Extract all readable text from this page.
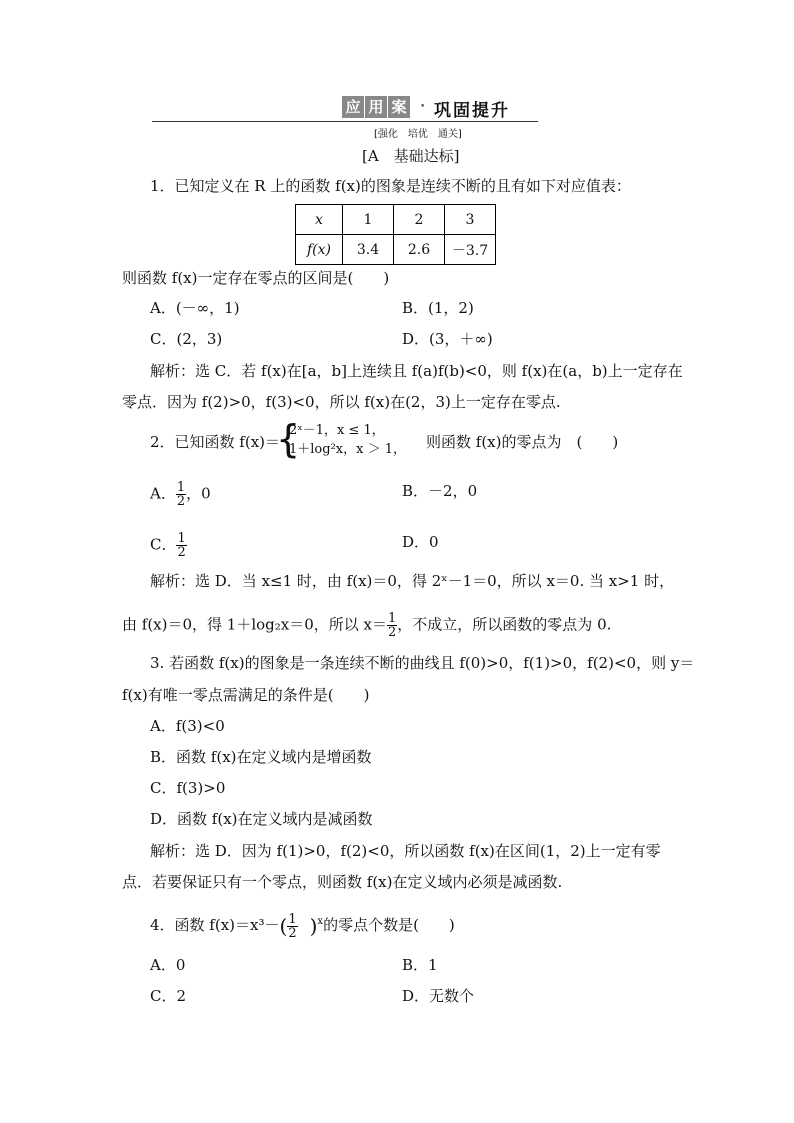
应 用 案	• 巩固提升
[强化　培优　通关]
[A　基础达标]
1．已知定义在 R 上的函数 f(x)的图象是连续不断的且有如下对应值表：
x	1	2	3
f(x)	3.4	2.6	－3.7
则函数 f(x)一定存在零点的区间是(　　)
A．(－∞，1)	B．(1，2)
C．(2，3)	D．(3，＋∞)
解析：选 C．若 f(x)在[a，b]上连续且 f(a)f(b)<0，则 f(x)在(a，b)上一定存在
零点．因为 f(2)>0，f(3)<0，所以 f(x)在(2，3)上一定存在零点.
2．已知函数 f(x)＝
{
2ˣ－1，x ≤ 1，
1＋log²x，x ＞ 1， 则函数 f(x)的零点为　(　　)
A． $\frac{1}{2}$ ，0	B．－2，0
C． $\frac{1}{2}$	D．0
解析：选 D．当 x≤1 时，由 f(x)＝0，得 2ˣ－1＝0，所以 x＝0. 当 x>1 时，
由 f(x)＝0，得 1＋log₂x＝0，所以 $x= \frac{1}{2}$ ，不成立，所以函数的零点为 0.
3. 若函数 f(x)的图象是一条连续不断的曲线且 f(0)>0，f(1)>0，f(2)<0，则 y＝
f(x)有唯一零点需满足的条件是(　　)
A．f(3)<0
B．函数 f(x)在定义域内是增函数
C．f(3)>0
D．函数 f(x)在定义域内是减函数
解析：选 D．因为 f(1)>0，f(2)<0，所以函数 f(x)在区间(1，2)上一定有零
点．若要保证只有一个零点，则函数 f(x)在定义域内必须是减函数.
4．函数 $f(x)=x^3-( \frac{1}{2} )^x$的零点个数是(　　)
A．0	B．1
C．2	D．无数个
